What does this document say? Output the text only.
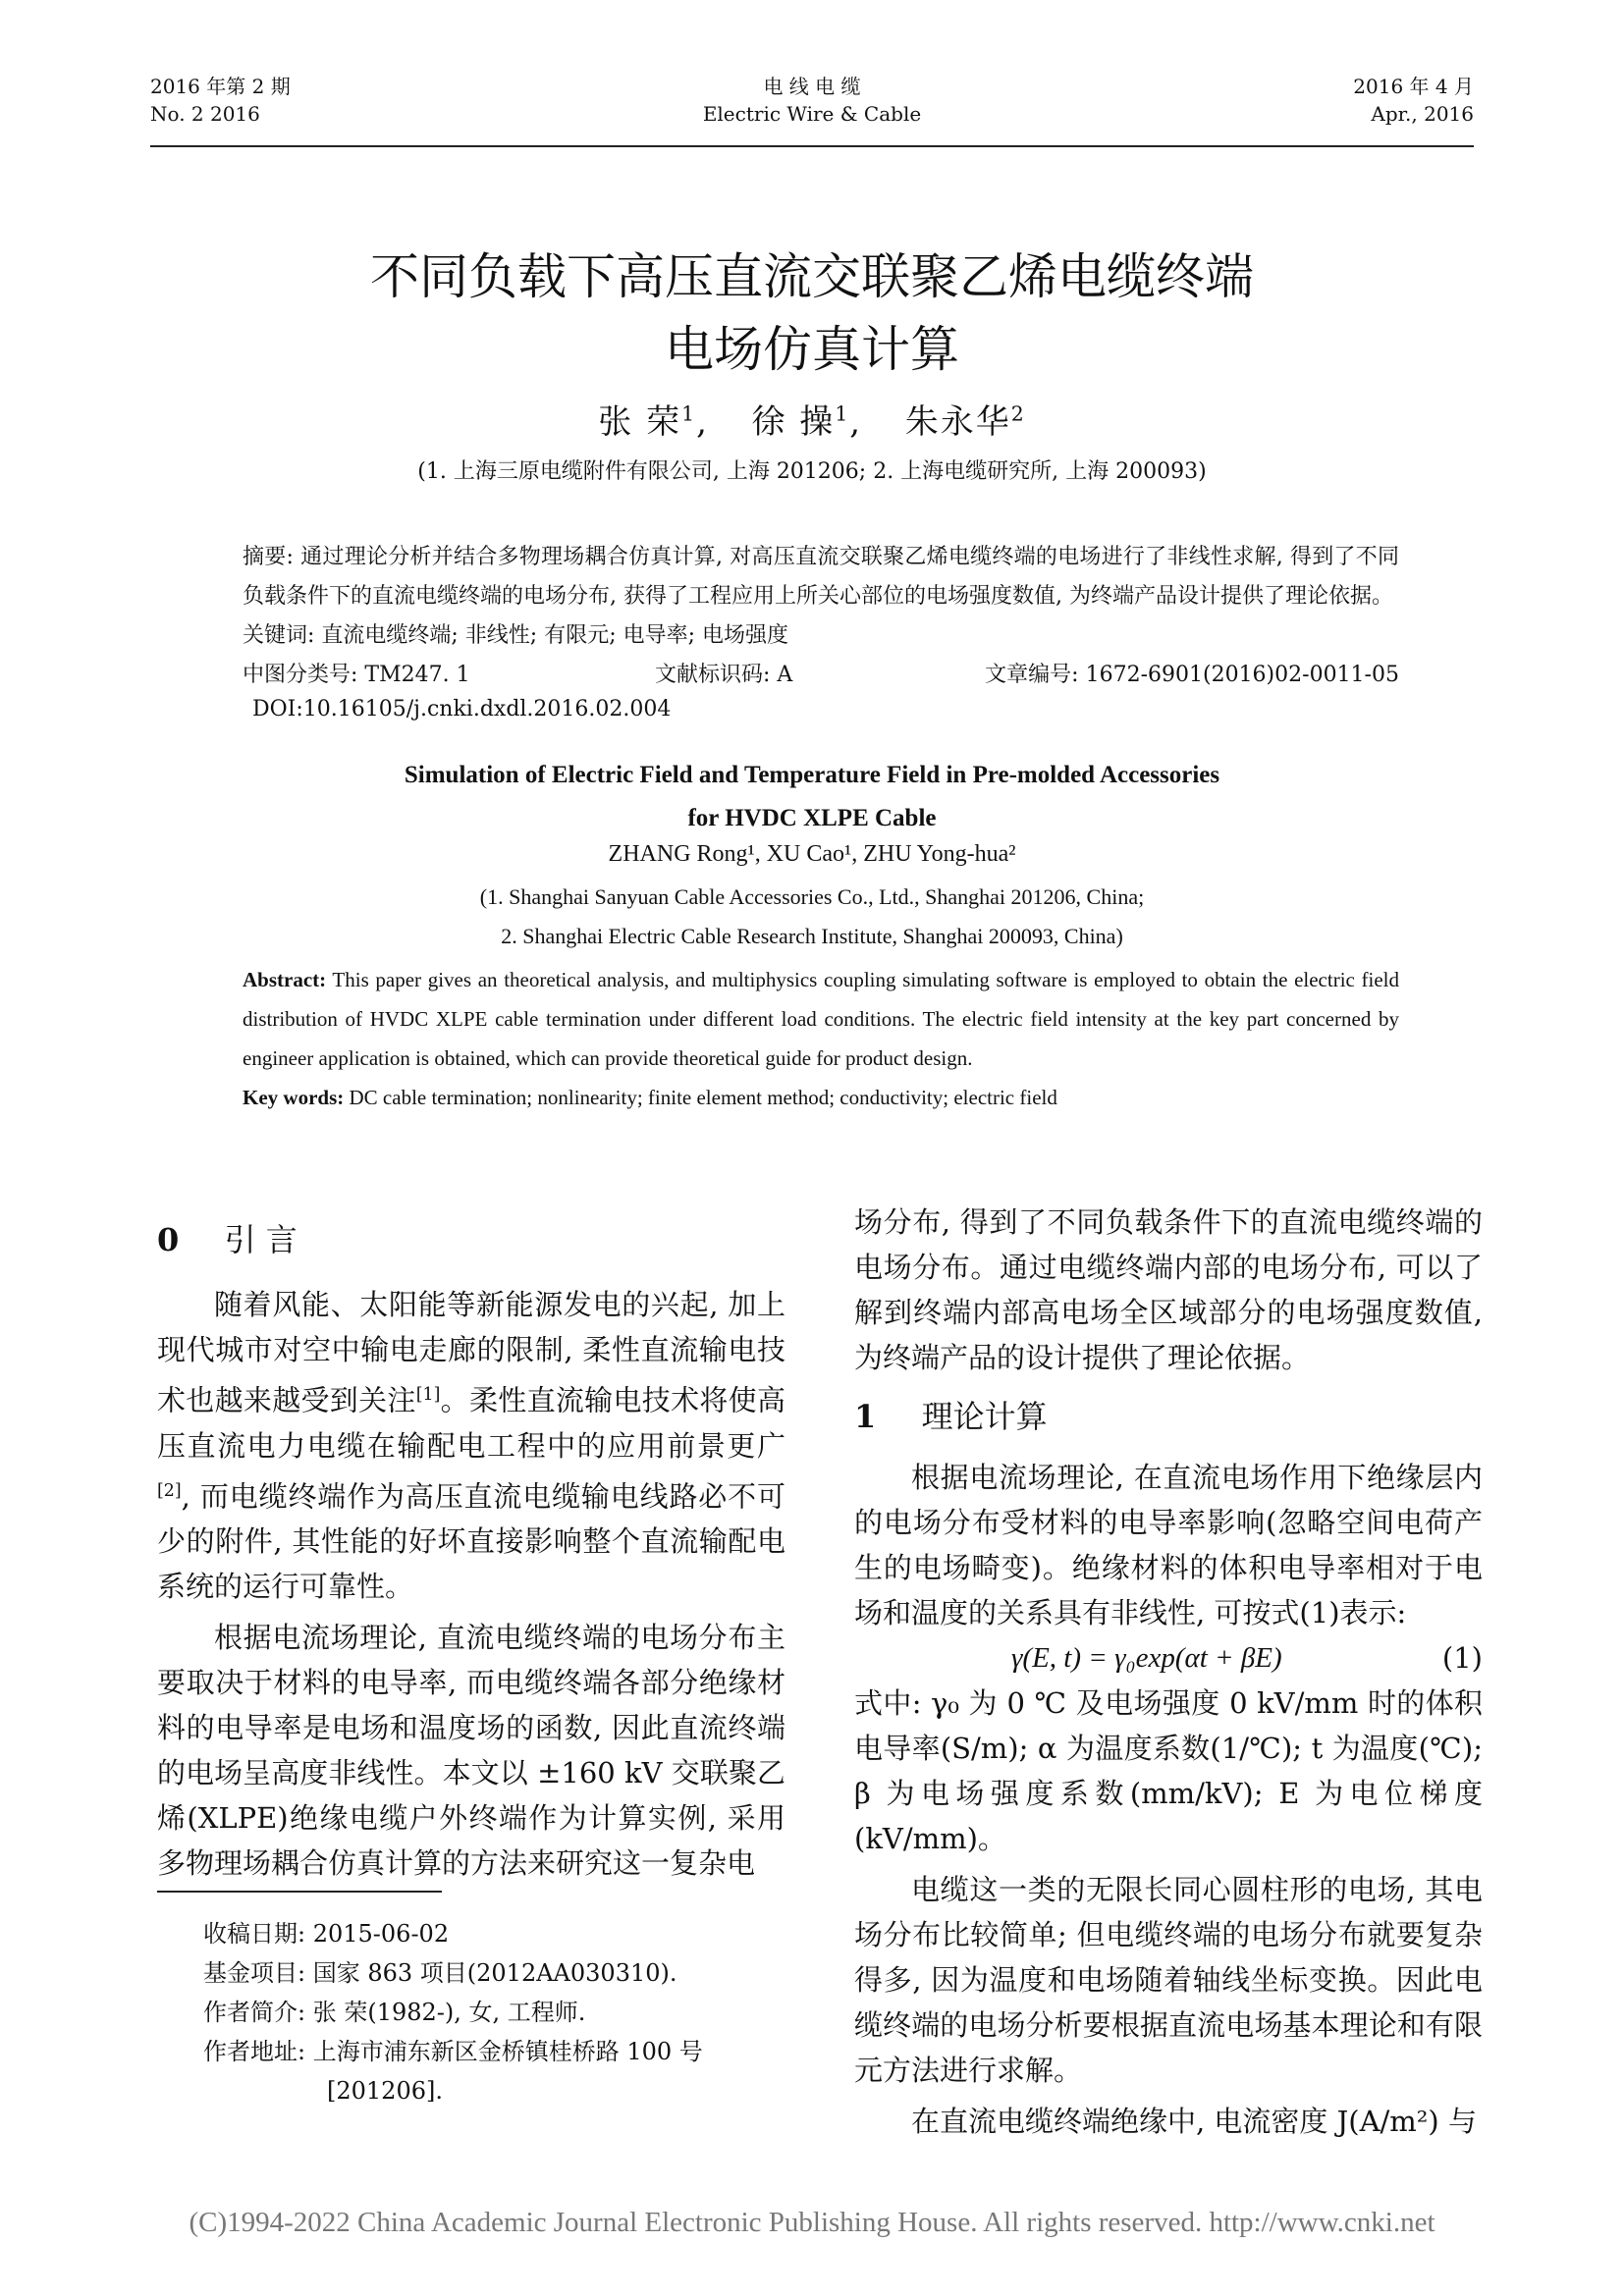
2016 年第 2 期
No. 2 2016
电 线 电 缆
Electric Wire & Cable
2016 年 4 月
Apr., 2016
不同负载下高压直流交联聚乙烯电缆终端
电场仿真计算
张 荣$^1$,  徐 操$^1$,  朱永华$^2$
(1. 上海三原电缆附件有限公司, 上海 201206; 2. 上海电缆研究所, 上海 200093)
摘要: 通过理论分析并结合多物理场耦合仿真计算, 对高压直流交联聚乙烯电缆终端的电场进行了非线性求解, 得到了不同负载条件下的直流电缆终端的电场分布, 获得了工程应用上所关心部位的电场强度数值, 为终端产品设计提供了理论依据。
关键词: 直流电缆终端; 非线性; 有限元; 电导率; 电场强度
中图分类号: TM247. 1	文献标识码: A	文章编号: 1672-6901(2016)02-0011-05
DOI:10.16105/j.cnki.dxdl.2016.02.004
Simulation of Electric Field and Temperature Field in Pre-molded Accessories
for HVDC XLPE Cable
ZHANG Rong¹, XU Cao¹, ZHU Yong-hua²
(1. Shanghai Sanyuan Cable Accessories Co., Ltd., Shanghai 201206, China;
2. Shanghai Electric Cable Research Institute, Shanghai 200093, China)
Abstract: This paper gives an theoretical analysis, and multiphysics coupling simulating software is employed to obtain the electric field distribution of HVDC XLPE cable termination under different load conditions. The electric field intensity at the key part concerned by engineer application is obtained, which can provide theoretical guide for product design.
Key words: DC cable termination; nonlinearity; finite element method; conductivity; electric field
0 引 言
随着风能、太阳能等新能源发电的兴起, 加上现代城市对空中输电走廊的限制, 柔性直流输电技术也越来越受到关注[1]。柔性直流输电技术将使高压直流电力电缆在输配电工程中的应用前景更广[2], 而电缆终端作为高压直流电缆输电线路必不可少的附件, 其性能的好坏直接影响整个直流输配电系统的运行可靠性。
根据电流场理论, 直流电缆终端的电场分布主要取决于材料的电导率, 而电缆终端各部分绝缘材料的电导率是电场和温度场的函数, 因此直流终端的电场呈高度非线性。本文以 ±160 kV 交联聚乙烯(XLPE)绝缘电缆户外终端作为计算实例, 采用多物理场耦合仿真计算的方法来研究这一复杂电
收稿日期: 2015-06-02
基金项目: 国家 863 项目(2012AA030310).
作者简介: 张 荣(1982-), 女, 工程师.
作者地址: 上海市浦东新区金桥镇桂桥路 100 号
[201206].
场分布, 得到了不同负载条件下的直流电缆终端的电场分布。通过电缆终端内部的电场分布, 可以了解到终端内部高电场全区域部分的电场强度数值, 为终端产品的设计提供了理论依据。
1 理论计算
根据电流场理论, 在直流电场作用下绝缘层内的电场分布受材料的电导率影响(忽略空间电荷产生的电场畸变)。绝缘材料的体积电导率相对于电场和温度的关系具有非线性, 可按式(1)表示:
γ(E, t) = γ₀exp(αt + βE)	(1)
式中: γ₀ 为 0 ℃ 及电场强度 0 kV/mm 时的体积电导率(S/m); α 为温度系数(1/℃); t 为温度(℃); β 为电场强度系数(mm/kV); E 为电位梯度(kV/mm)。
电缆这一类的无限长同心圆柱形的电场, 其电场分布比较简单; 但电缆终端的电场分布就要复杂得多, 因为温度和电场随着轴线坐标变换。因此电缆终端的电场分析要根据直流电场基本理论和有限元方法进行求解。
在直流电缆终端绝缘中, 电流密度 J(A/m²) 与
(C)1994-2022 China Academic Journal Electronic Publishing House. All rights reserved. http://www.cnki.net
